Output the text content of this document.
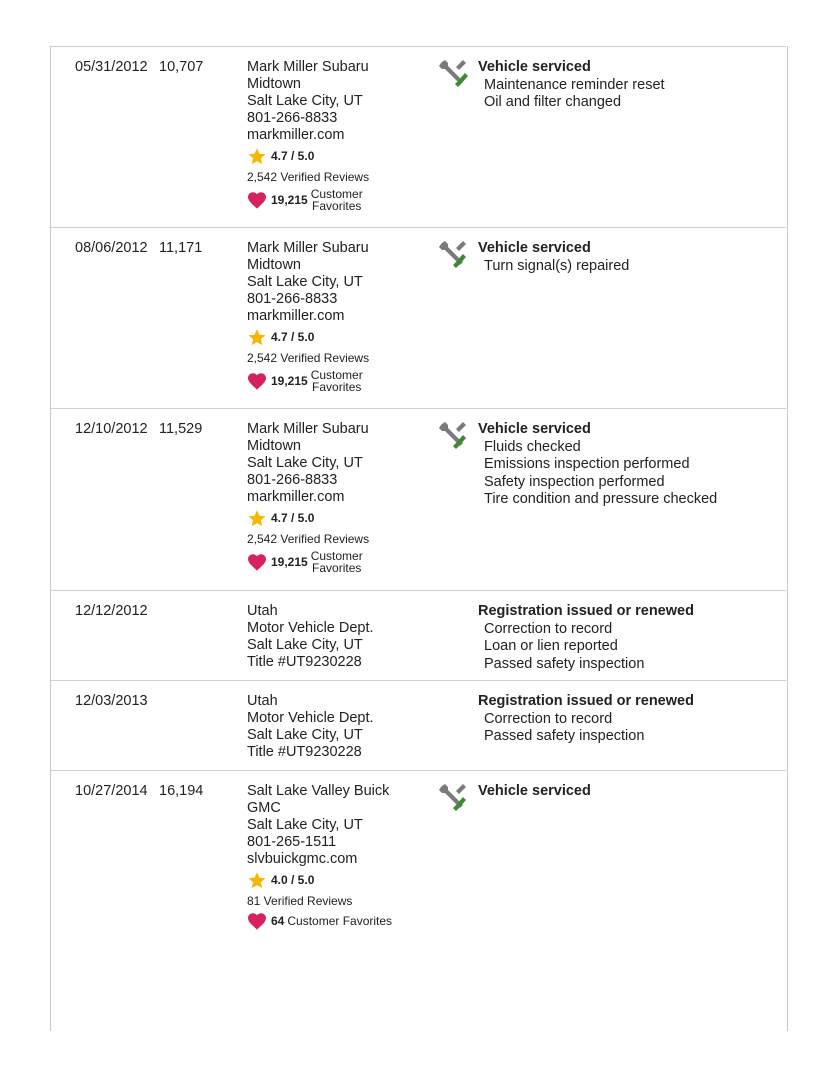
05/31/2012 10,707	Mark Miller Subaru
Midtown
Salt Lake City, UT
801-266-8833
markmiller.com
4.7 / 5.0
2,542 Verified Reviews
19,215 Customer
Favorites
Vehicle serviced
Maintenance reminder reset
Oil and filter changed
08/06/2012 11,171	Mark Miller Subaru
Midtown
Salt Lake City, UT
801-266-8833
markmiller.com
4.7 / 5.0
2,542 Verified Reviews
19,215 Customer
Favorites
Vehicle serviced
Turn signal(s) repaired
12/10/2012 11,529	Mark Miller Subaru
Midtown
Salt Lake City, UT
801-266-8833
markmiller.com
4.7 / 5.0
2,542 Verified Reviews
19,215 Customer
Favorites
Vehicle serviced
Fluids checked
Emissions inspection performed
Safety inspection performed
Tire condition and pressure checked
12/12/2012	Utah
Motor Vehicle Dept.
Salt Lake City, UT
Title #UT9230228
Registration issued or renewed
Correction to record
Loan or lien reported
Passed safety inspection
12/03/2013	Utah
Motor Vehicle Dept.
Salt Lake City, UT
Title #UT9230228
Registration issued or renewed
Correction to record
Passed safety inspection
10/27/2014 16,194	Salt Lake Valley Buick
GMC
Salt Lake City, UT
801-265-1511
slvbuickgmc.com
4.0 / 5.0
81 Verified Reviews
64 Customer Favorites
Vehicle serviced
